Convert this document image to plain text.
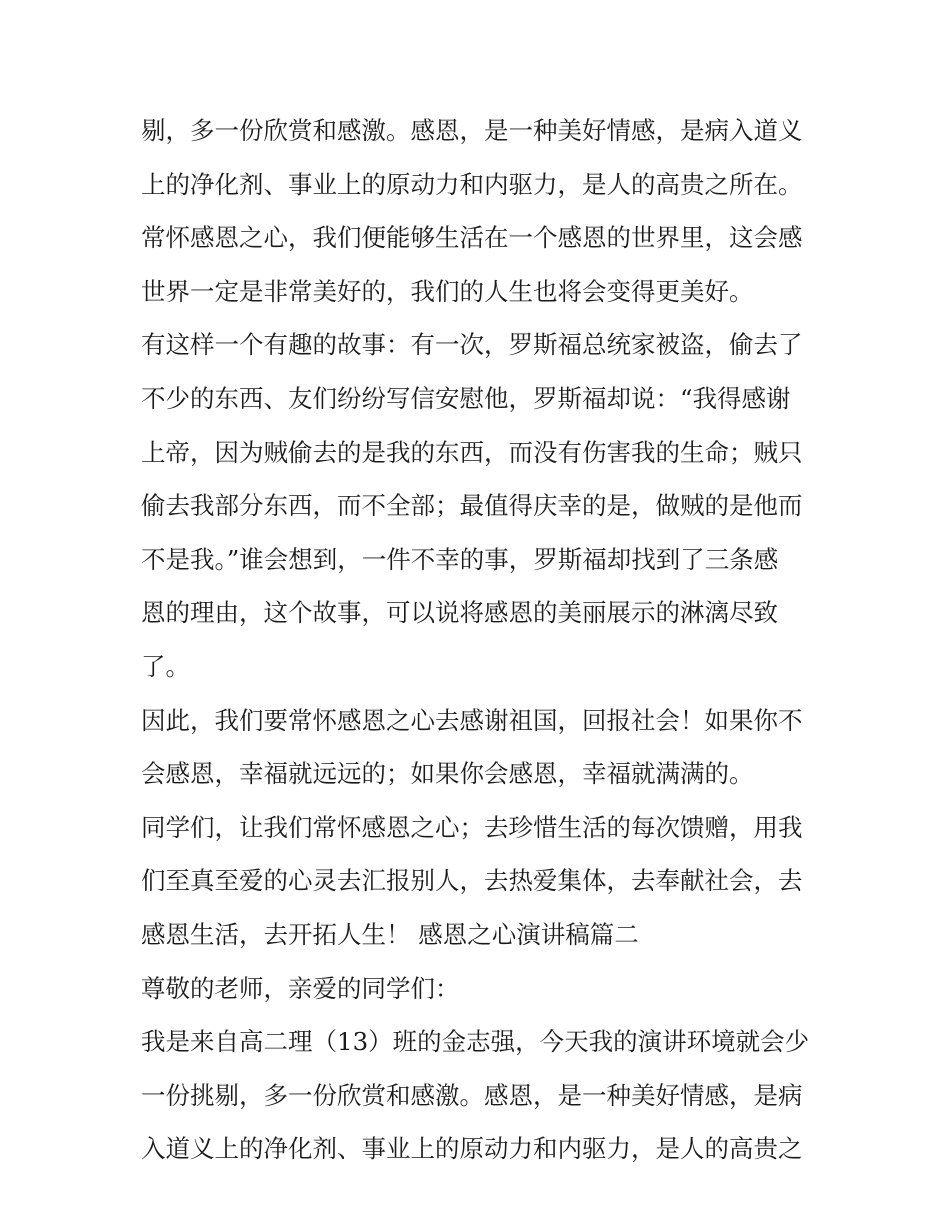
剔，多一份欣赏和感激。感恩，是一种美好情感，是病入道义
上的净化剂、事业上的原动力和内驱力，是人的高贵之所在。
常怀感恩之心，我们便能够生活在一个感恩的世界里，这会感
世界一定是非常美好的，我们的人生也将会变得更美好。
有这样一个有趣的故事：有一次，罗斯福总统家被盗，偷去了
不少的东西、友们纷纷写信安慰他，罗斯福却说：“我得感谢
上帝，因为贼偷去的是我的东西，而没有伤害我的生命；贼只
偷去我部分东西，而不全部；最值得庆幸的是，做贼的是他而
不是我。”谁会想到，一件不幸的事，罗斯福却找到了三条感
恩的理由，这个故事，可以说将感恩的美丽展示的淋漓尽致
了。
因此，我们要常怀感恩之心去感谢祖国，回报社会！如果你不
会感恩，幸福就远远的；如果你会感恩，幸福就满满的。
同学们，让我们常怀感恩之心；去珍惜生活的每次馈赠，用我
们至真至爱的心灵去汇报别人，去热爱集体，去奉献社会，去
感恩生活，去开拓人生！ 感恩之心演讲稿篇二
尊敬的老师，亲爱的同学们：
我是来自高二理（13）班的金志强，今天我的演讲环境就会少
一份挑剔，多一份欣赏和感激。感恩，是一种美好情感，是病
入道义上的净化剂、事业上的原动力和内驱力，是人的高贵之
